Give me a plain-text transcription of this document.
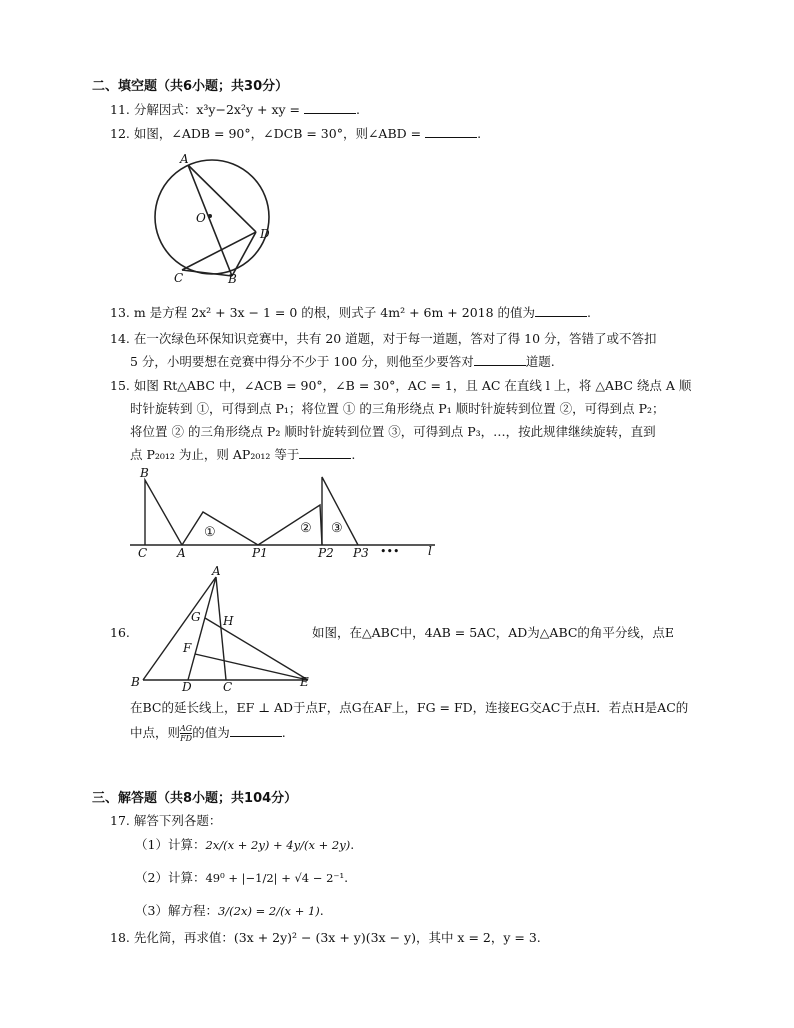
二、填空题（共6小题；共30分）
11. 分解因式：x³y−2x²y + xy =	.
12. 如图，∠ADB = 90°，∠DCB = 30°，则∠ABD =	.
A
O
D
C	B
13. m 是方程 2x² + 3x − 1 = 0 的根，则式子 4m² + 6m + 2018 的值为	.
14. 在一次绿色环保知识竞赛中，共有 20 道题，对于每一道题，答对了得 10 分，答错了或不答扣
5 分，小明要想在竞赛中得分不少于 100 分，则他至少要答对	道题.
15. 如图 Rt△ABC 中，∠ACB = 90°，∠B = 30°，AC = 1，且 AC 在直线 l 上，将 △ABC 绕点 A 顺
时针旋转到 ①，可得到点 P₁；将位置 ① 的三角形绕点 P₁ 顺时针旋转到位置 ②，可得到点 P₂；
将位置 ② 的三角形绕点 P₂ 顺时针旋转到位置 ③，可得到点 P₃，…，按此规律继续旋转，直到
点 P₂₀₁₂ 为止，则 AP₂₀₁₂ 等于	.
B
C A	P1	P2 P3 ••• l
①	② ③
16.
A
G H
F
B	D	C	E
如图，在△ABC中，4AB = 5AC，AD为△ABC的角平分线，点E
在BC的延长线上，EF ⊥ AD于点F，点G在AF上，FG = FD，连接EG交AC于点H．若点H是AC的
中点，则 $\frac{AG}{FD}$ 的值为	.
三、解答题（共8小题；共104分）
17. 解答下列各题：
（1）计算：2x/(x + 2y) + 4y/(x + 2y).
（2）计算：49⁰ + |−1/2| + √4 − 2⁻¹.
（3）解方程：3/(2x) = 2/(x + 1).
18. 先化简，再求值：(3x + 2y)² − (3x + y)(3x − y)，其中 x = 2，y = 3.
